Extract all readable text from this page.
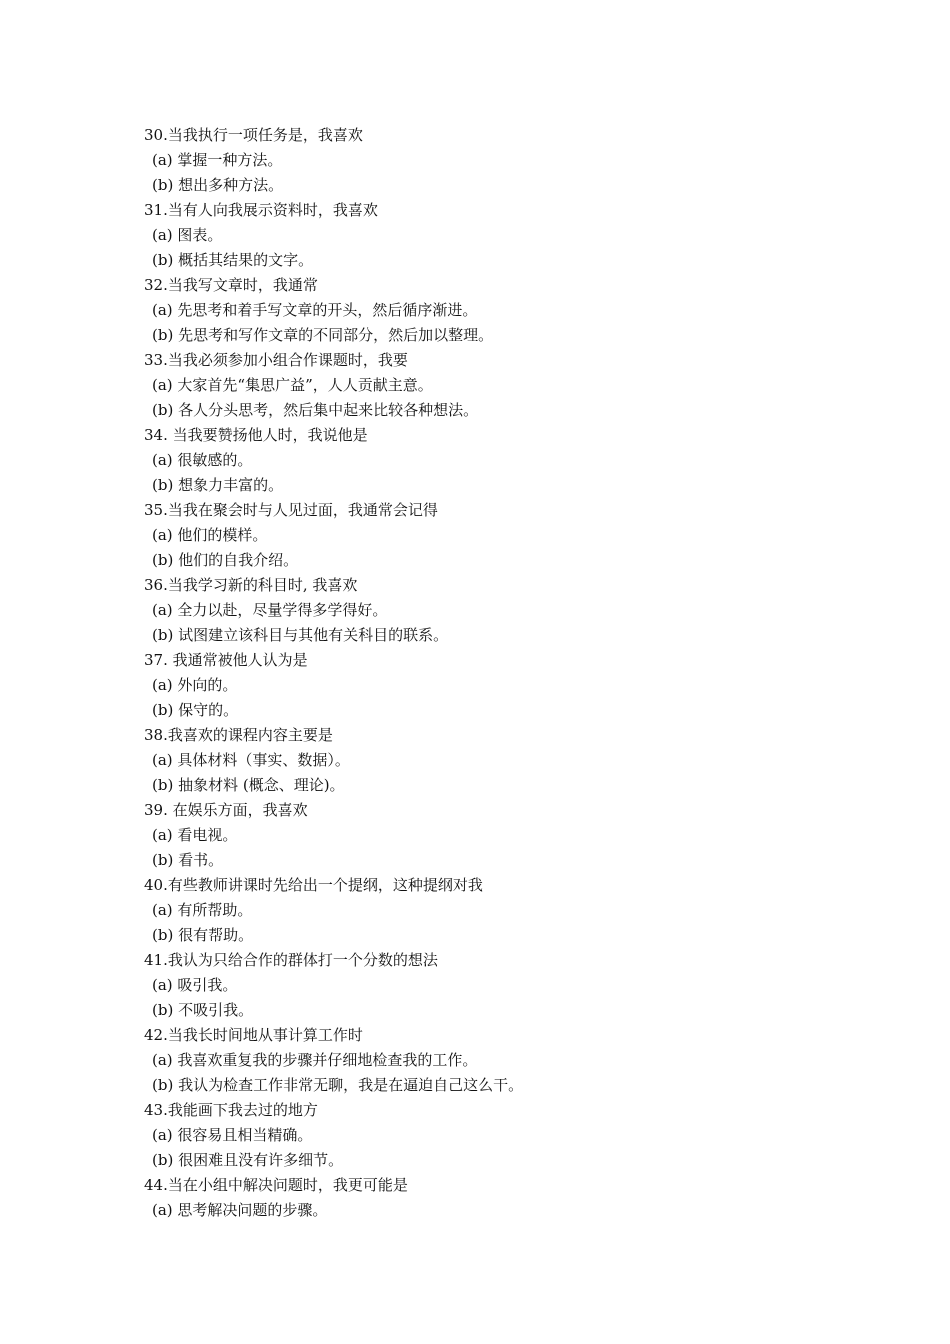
30.当我执行一项任务是，我喜欢
(a) 掌握一种方法。
(b) 想出多种方法。
31.当有人向我展示资料时，我喜欢
(a) 图表。
(b) 概括其结果的文字。
32.当我写文章时，我通常
(a) 先思考和着手写文章的开头，然后循序渐进。
(b) 先思考和写作文章的不同部分，然后加以整理。
33.当我必须参加小组合作课题时，我要
(a) 大家首先“集思广益”，人人贡献主意。
(b) 各人分头思考，然后集中起来比较各种想法。
34. 当我要赞扬他人时，我说他是
(a) 很敏感的。
(b) 想象力丰富的。
35.当我在聚会时与人见过面，我通常会记得
(a) 他们的模样。
(b) 他们的自我介绍。
36.当我学习新的科目时, 我喜欢
(a) 全力以赴，尽量学得多学得好。
(b) 试图建立该科目与其他有关科目的联系。
37. 我通常被他人认为是
(a) 外向的。
(b) 保守的。
38.我喜欢的课程内容主要是
(a) 具体材料（事实、数据）。
(b) 抽象材料 (概念、理论)。
39. 在娱乐方面，我喜欢
(a) 看电视。
(b) 看书。
40.有些教师讲课时先给出一个提纲，这种提纲对我
(a) 有所帮助。
(b) 很有帮助。
41.我认为只给合作的群体打一个分数的想法
(a) 吸引我。
(b) 不吸引我。
42.当我长时间地从事计算工作时
(a) 我喜欢重复我的步骤并仔细地检查我的工作。
(b) 我认为检查工作非常无聊，我是在逼迫自己这么干。
43.我能画下我去过的地方
(a) 很容易且相当精确。
(b) 很困难且没有许多细节。
44.当在小组中解决问题时，我更可能是
(a) 思考解决问题的步骤。
